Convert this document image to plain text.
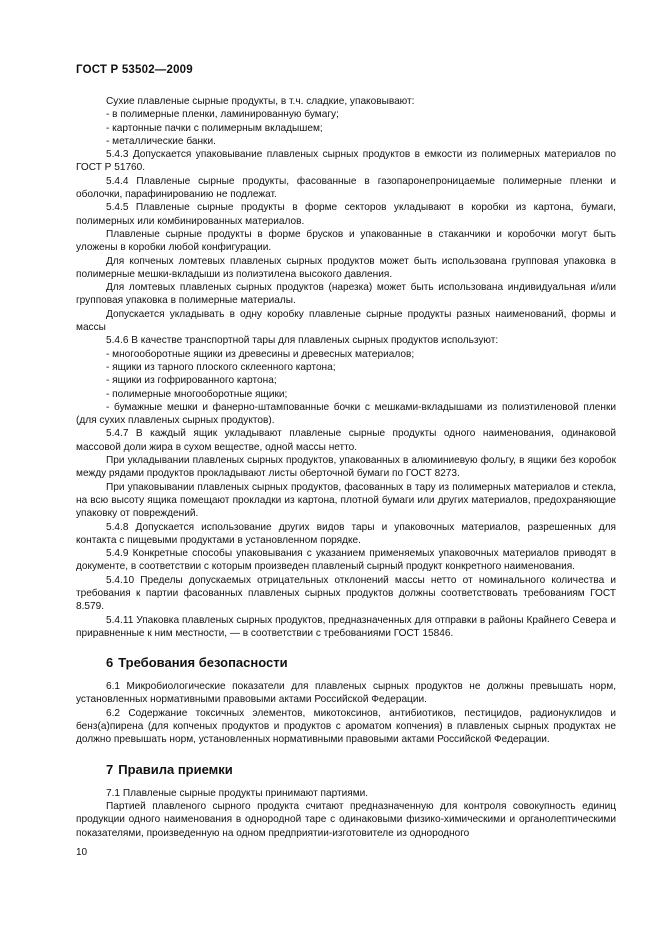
ГОСТ Р 53502—2009

Сухие плавленые сырные продукты, в т.ч. сладкие, упаковывают:

- в полимерные пленки, ламинированную бумагу;

- картонные пачки с полимерным вкладышем;

- металлические банки.

5.4.3 Допускается упаковывание плавленых сырных продуктов в емкости из полимерных материалов по ГОСТ Р 51760.

5.4.4 Плавленые сырные продукты, фасованные в газопаронепроницаемые полимерные пленки и оболочки, парафинированию не подлежат.

5.4.5 Плавленые сырные продукты в форме секторов укладывают в коробки из картона, бумаги, полимерных или комбинированных материалов.

Плавленые сырные продукты в форме брусков и упакованные в стаканчики и коробочки могут быть уложены в коробки любой конфигурации.

Для копченых ломтевых плавленых сырных продуктов может быть использована групповая упаковка в полимерные мешки-вкладыши из полиэтилена высокого давления.

Для ломтевых плавленых сырных продуктов (нарезка) может быть использована индивидуальная и/или групповая упаковка в полимерные материалы.

Допускается укладывать в одну коробку плавленые сырные продукты разных наименований, формы и массы

5.4.6 В качестве транспортной тары для плавленых сырных продуктов используют:

- многооборотные ящики из древесины и древесных материалов;

- ящики из тарного плоского склеенного картона;

- ящики из гофрированного картона;

- полимерные многооборотные ящики;

- бумажные мешки и фанерно-штампованные бочки с мешками-вкладышами из полиэтиленовой пленки (для сухих плавленых сырных продуктов).

5.4.7 В каждый ящик укладывают плавленые сырные продукты одного наименования, одинаковой массовой доли жира в сухом веществе, одной массы нетто.

При укладывании плавленых сырных продуктов, упакованных в алюминиевую фольгу, в ящики без коробок между рядами продуктов прокладывают листы оберточной бумаги по ГОСТ 8273.

При упаковывании плавленых сырных продуктов, фасованных в тару из полимерных материалов и стекла, на всю высоту ящика помещают прокладки из картона, плотной бумаги или других материалов, предохраняющие упаковку от повреждений.

5.4.8 Допускается использование других видов тары и упаковочных материалов, разрешенных для контакта с пищевыми продуктами в установленном порядке.

5.4.9 Конкретные способы упаковывания с указанием применяемых упаковочных материалов приводят в документе, в соответствии с которым произведен плавленый сырный продукт конкретного наименования.

5.4.10 Пределы допускаемых отрицательных отклонений массы нетто от номинального количества и требования к партии фасованных плавленых сырных продуктов должны соответствовать требованиям ГОСТ 8.579.

5.4.11 Упаковка плавленых сырных продуктов, предназначенных для отправки в районы Крайнего Севера и приравненные к ним местности, — в соответствии с требованиями ГОСТ 15846.

6 Требования безопасности

6.1 Микробиологические показатели для плавленых сырных продуктов не должны превышать норм, установленных нормативными правовыми актами Российской Федерации.

6.2 Содержание токсичных элементов, микотоксинов, антибиотиков, пестицидов, радионуклидов и бенз(а)пирена (для копченых продуктов и продуктов с ароматом копчения) в плавленых сырных продуктах не должно превышать норм, установленных нормативными правовыми актами Российской Федерации.

7 Правила приемки

7.1 Плавленые сырные продукты принимают партиями.

Партией плавленого сырного продукта считают предназначенную для контроля совокупность единиц продукции одного наименования в однородной таре с одинаковыми физико-химическими и органолептическими показателями, произведенную на одном предприятии-изготовителе из однородного

10
